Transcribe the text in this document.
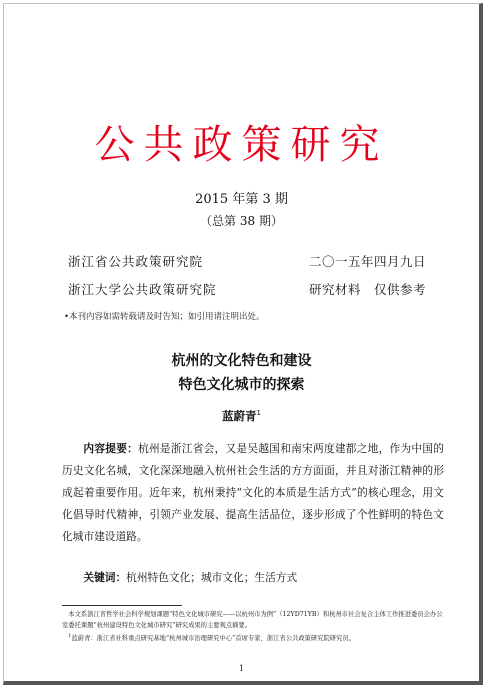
公共政策研究
2015 年第 3 期
（总第 38 期）
浙江省公共政策研究院	二〇一五年四月九日
浙江大学公共政策研究院	研究材料　仅供参考
•本刊内容如需转载请及时告知；如引用请注明出处。
杭州的文化特色和建设
特色文化城市的探索
蓝蔚青$^1$
内容提要：杭州是浙江省会，又是吴越国和南宋两度建都之地，作为中国的历史文化名城，文化深深地融入杭州社会生活的方方面面，并且对浙江精神的形成起着重要作用。近年来，杭州秉持“文化的本质是生活方式”的核心理念，用文化倡导时代精神，引领产业发展、提高生活品位，逐步形成了个性鲜明的特色文化城市建设道路。
关键词：杭州特色文化；城市文化；生活方式
本文系浙江省哲学社会科学规划课题“特色文化城市研究——以杭州市为例”（12YD71YB）和杭州市社会复合主体工作推进委员会办公室委托课题“杭州建设特色文化城市研究”研究成果的主要观点摘要。
$^1$蓝蔚青：浙江省社科重点研究基地“杭州城市治理研究中心”首席专家、浙江省公共政策研究院研究员。
1
